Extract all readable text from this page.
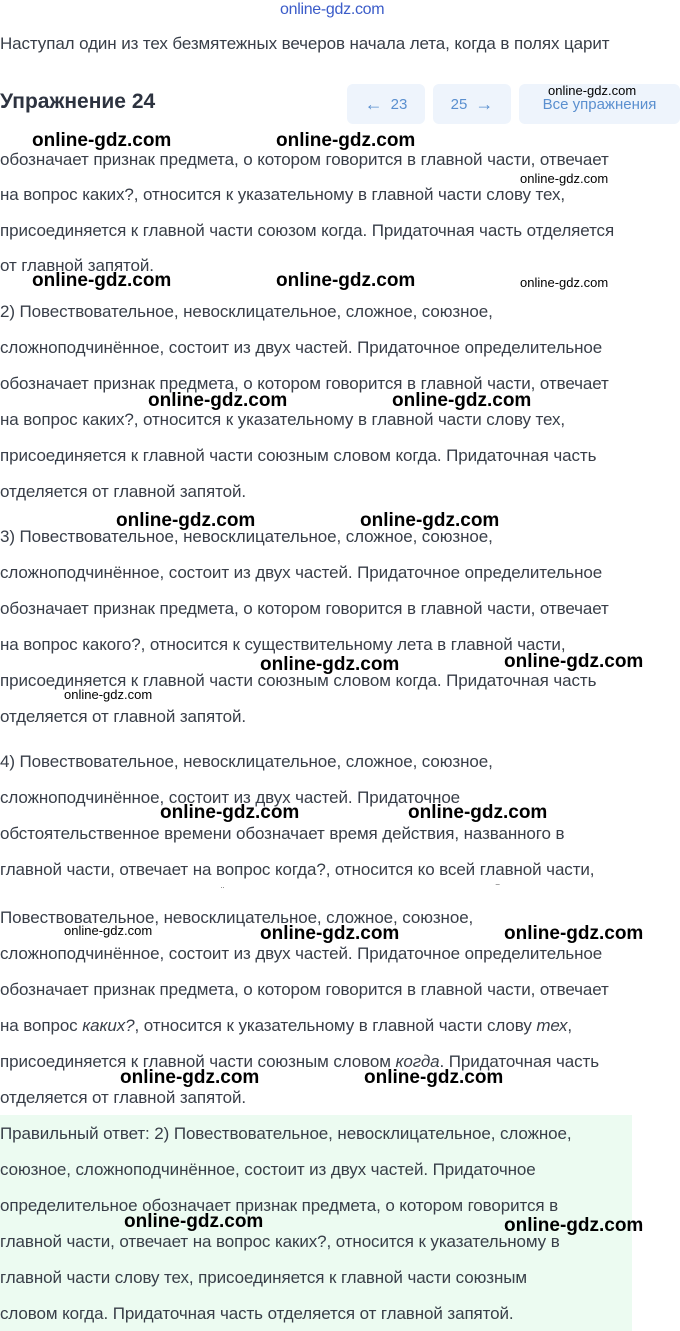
online-gdz.com
Наступал один из тех безмятежных вечеров начала лета, когда в полях царит
Упражнение 24	← 23	25 →	Все упражнения
обозначает признак предмета, о котором говорится в главной части, отвечает
на вопрос каких?, относится к указательному в главной части слову тех,
присоединяется к главной части союзом когда. Придаточная часть отделяется
от главной запятой.
2) Повествовательное, невосклицательное, сложное, союзное,
сложноподчинённое, состоит из двух частей. Придаточное определительное
обозначает признак предмета, о котором говорится в главной части, отвечает
на вопрос каких?, относится к указательному в главной части слову тех,
присоединяется к главной части союзным словом когда. Придаточная часть
отделяется от главной запятой.
3) Повествовательное, невосклицательное, сложное, союзное,
сложноподчинённое, состоит из двух частей. Придаточное определительное
обозначает признак предмета, о котором говорится в главной части, отвечает
на вопрос какого?, относится к существительному лета в главной части,
присоединяется к главной части союзным словом когда. Придаточная часть
отделяется от главной запятой.
4) Повествовательное, невосклицательное, сложное, союзное,
сложноподчинённое, состоит из двух частей. Придаточное
обстоятельственное времени обозначает время действия, названного в
главной части, отвечает на вопрос когда?, относится ко всей главной части,
¨	‾
Повествовательное, невосклицательное, сложное, союзное,
сложноподчинённое, состоит из двух частей. Придаточное определительное
обозначает признак предмета, о котором говорится в главной части, отвечает
на вопрос каких?, относится к указательному в главной части слову тех,
присоединяется к главной части союзным словом когда. Придаточная часть
отделяется от главной запятой.
Правильный ответ: 2) Повествовательное, невосклицательное, сложное,
союзное, сложноподчинённое, состоит из двух частей. Придаточное
определительное обозначает признак предмета, о котором говорится в
главной части, отвечает на вопрос каких?, относится к указательному в
главной части слову тех, присоединяется к главной части союзным
словом когда. Придаточная часть отделяется от главной запятой.
online-gdz.com
online-gdz.com	online-gdz.com
online-gdz.com
online-gdz.com	online-gdz.com	online-gdz.com
online-gdz.com	online-gdz.com
online-gdz.com	online-gdz.com
online-gdz.com
online-gdz.com
online-gdz.com
online-gdz.com	online-gdz.com
online-gdz.com	online-gdz.com	online-gdz.com
online-gdz.com	online-gdz.com
online-gdz.com	online-gdz.com
